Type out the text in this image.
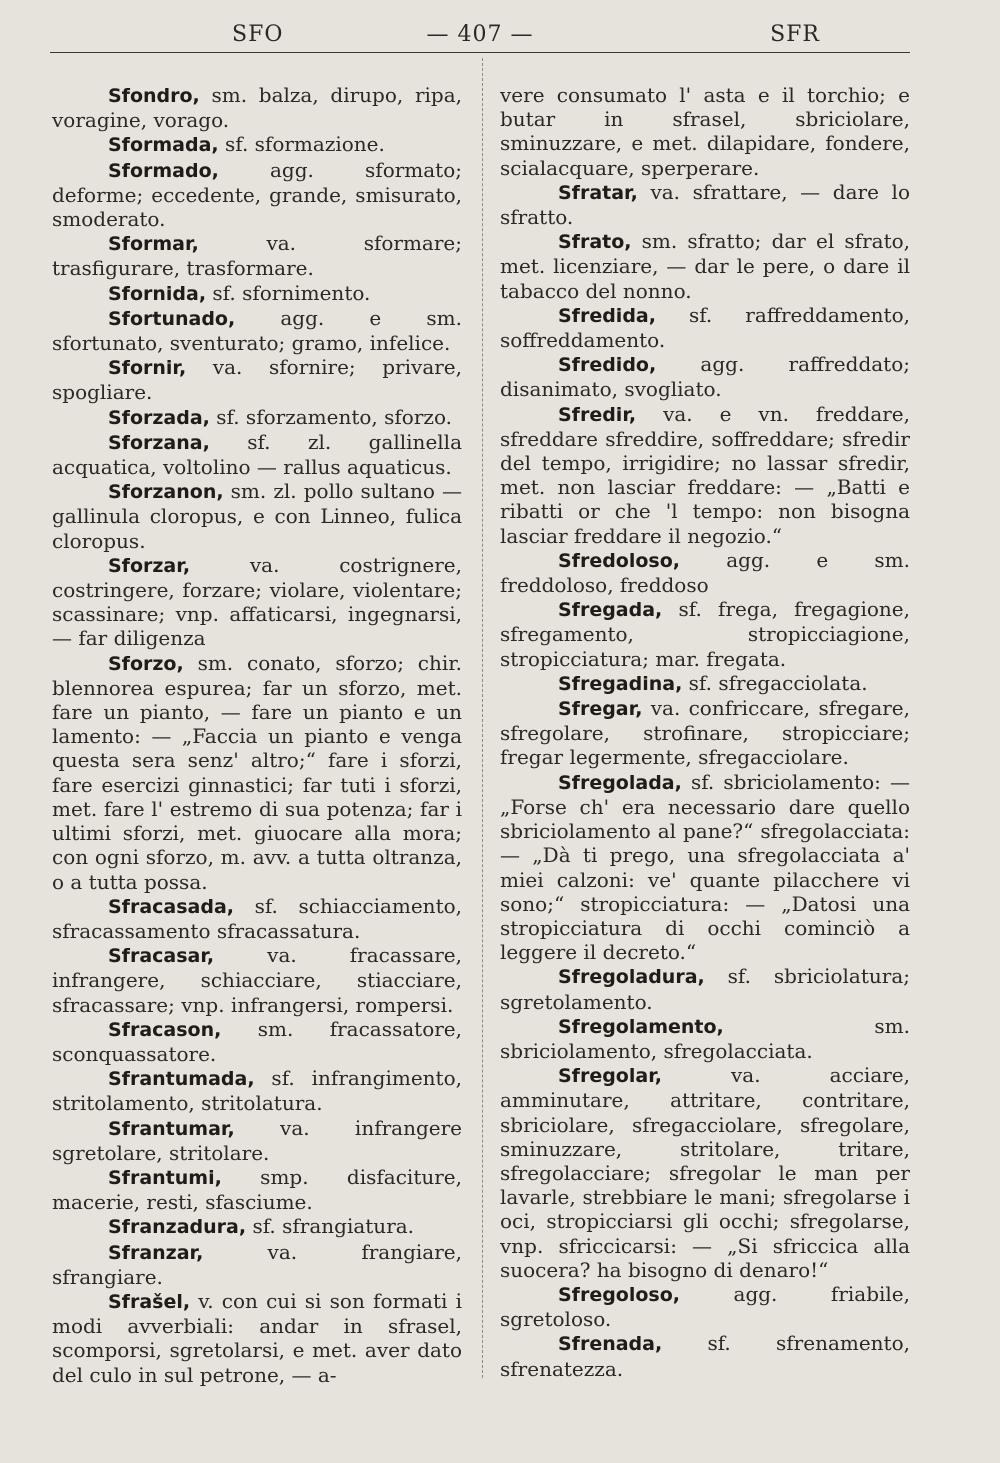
SFO	— 407 —	SFR

Sfondro, sm. balza, dirupo, ripa, voragine, vorago.

Sformada, sf. sformazione.

Sformado, agg. sformato; deforme; eccedente, grande, smisurato, smoderato.

Sformar, va. sformare; trasfigurare, trasformare.

Sfornida, sf. sfornimento.

Sfortunado, agg. e sm. sfortunato, sventurato; gramo, infelice.

Sfornir, va. sfornire; privare, spogliare.

Sforzada, sf. sforzamento, sforzo.

Sforzana, sf. zl. gallinella acquatica, voltolino — rallus aquaticus.

Sforzanon, sm. zl. pollo sultano — gallinula cloropus, e con Linneo, fulica cloropus.

Sforzar, va. costrignere, costringere, forzare; violare, violentare; scassinare; vnp. affaticarsi, ingegnarsi, — far diligenza

Sforzo, sm. conato, sforzo; chir. blennorea espurea; far un sforzo, met. fare un pianto, — fare un pianto e un lamento: — „Faccia un pianto e venga questa sera senz' altro;“ fare i sforzi, fare esercizi ginnastici; far tuti i sforzi, met. fare l' estremo di sua potenza; far i ultimi sforzi, met. giuocare alla mora; con ogni sforzo, m. avv. a tutta oltranza, o a tutta possa.

Sfracasada, sf. schiacciamento, sfracassamento sfracassatura.

Sfracasar, va. fracassare, infrangere, schiacciare, stiacciare, sfracassare; vnp. infrangersi, rompersi.

Sfracason, sm. fracassatore, sconquassatore.

Sfrantumada, sf. infrangimento, stritolamento, stritolatura.

Sfrantumar, va. infrangere sgretolare, stritolare.

Sfrantumi, smp. disfaciture, macerie, resti, sfasciume.

Sfranzadura, sf. sfrangiatura.

Sfranzar, va. frangiare, sfrangiare.

Sfrašel, v. con cui si son formati i modi avverbiali: andar in sfrasel, scomporsi, sgretolarsi, e met. aver dato del culo in sul petrone, — a-

vere consumato l' asta e il torchio; e butar in sfrasel, sbriciolare, sminuzzare, e met. dilapidare, fondere, scialacquare, sperperare.

Sfratar, va. sfrattare, — dare lo sfratto.

Sfrato, sm. sfratto; dar el sfrato, met. licenziare, — dar le pere, o dare il tabacco del nonno.

Sfredida, sf. raffreddamento, soffreddamento.

Sfredido, agg. raffreddato; disanimato, svogliato.

Sfredir, va. e vn. freddare, sfreddare sfreddire, soffreddare; sfredir del tempo, irrigidire; no lassar sfredir, met. non lasciar freddare: — „Batti e ribatti or che 'l tempo: non bisogna lasciar freddare il negozio.“

Sfredoloso, agg. e sm. freddoloso, freddoso

Sfregada, sf. frega, fregagione, sfregamento, stropicciagione, stropicciatura; mar. fregata.

Sfregadina, sf. sfregacciolata.

Sfregar, va. confriccare, sfregare, sfregolare, strofinare, stropicciare; fregar legermente, sfregacciolare.

Sfregolada, sf. sbriciolamento: — „Forse ch' era necessario dare quello sbriciolamento al pane?“ sfregolacciata: — „Dà ti prego, una sfregolacciata a' miei calzoni: ve' quante pilacchere vi sono;“ stropicciatura: — „Datosi una stropicciatura di occhi cominciò a leggere il decreto.“

Sfregoladura, sf. sbriciolatura; sgretolamento.

Sfregolamento, sm. sbriciolamento, sfregolacciata.

Sfregolar, va. acciare, amminutare, attritare, contritare, sbriciolare, sfregacciolare, sfregolare, sminuzzare, stritolare, tritare, sfregolacciare; sfregolar le man per lavarle, strebbiare le mani; sfregolarse i oci, stropicciarsi gli occhi; sfregolarse, vnp. sfriccicarsi: — „Si sfriccica alla suocera? ha bisogno di denaro!“

Sfregoloso, agg. friabile, sgretoloso.

Sfrenada, sf. sfrenamento, sfrenatezza.
